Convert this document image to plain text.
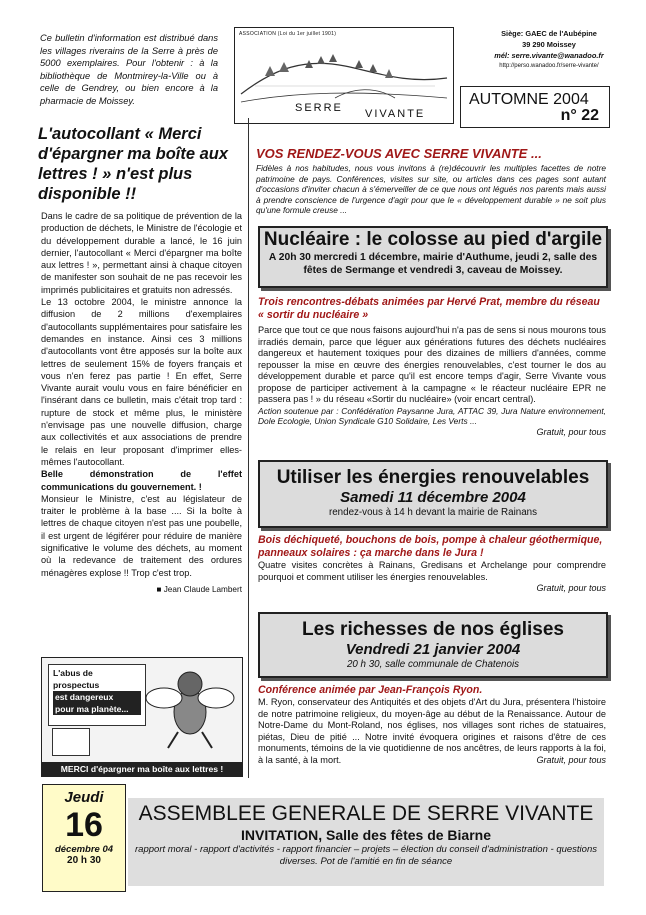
Ce bulletin d'information est distribué dans les villages riverains de la Serre à près de 5000 exemplaires. Pour l'obtenir : à la bibliothèque de Montmirey-la-Ville ou à celle de Gendrey, ou bien encore à la pharmacie de Moissey.
ASSOCIATION (Loi du 1er juillet 1901)
SERRE VIVANTE
Siège: GAEC de l'Aubépine
39 290 Moissey
mél: serre.vivante@wanadoo.fr
http://perso.wanadoo.fr/serre-vivante/
AUTOMNE 2004
n° 22

L'autocollant « Merci d'épargner ma boîte aux lettres ! » n'est plus disponible !!

Dans le cadre de sa politique de prévention de la production de déchets, le Ministre de l'écologie et du développement durable a lancé, le 16 juin dernier, l'autocollant « Merci d'épargner ma boîte aux lettres ! », permettant ainsi à chaque citoyen de manifester son souhait de ne pas recevoir les imprimés publicitaires et gratuits non adressés.

Le 13 octobre 2004, le ministre annonce la diffusion de 2 millions d'exemplaires d'autocollants supplémentaires pour satisfaire les demandes en instance. Ainsi ces 3 millions d'autocollants vont être apposés sur la boîte aux lettres de seulement 15% de foyers français et vous n'en ferez pas partie ! En effet, Serre Vivante aurait voulu vous en faire bénéficier en l'insérant dans ce bulletin, mais c'était trop tard : rupture de stock et même plus, le ministère n'envisage pas une nouvelle diffusion, charge aux collectivités et aux associations de prendre le relais en leur proposant d'imprimer elles-mêmes l'autocollant.

Belle démonstration de l'effet communications du gouvernement. !

Monsieur le Ministre, c'est au législateur de traiter le problème à la base .... Si la boîte à lettres de chaque citoyen n'est pas une poubelle, il est urgent de légiférer pour réduire de manière significative le volume des déchets, au moment où la redevance de traitement des ordures ménagères explose !! Trop c'est trop.

■ Jean Claude Lambert
L'abus de prospectus
est dangereux
pour ma planète...
MERCI d'épargner ma boîte aux lettres !
VOS RENDEZ-VOUS AVEC SERRE VIVANTE ...
Fidèles à nos habitudes, nous vous invitons à (re)découvrir les multiples facettes de notre patrimoine de pays. Conférences, visites sur site, ou articles dans ces pages sont autant d'occasions d'inviter chacun à s'émerveiller de ce que nous ont légués nos parents mais aussi à prendre conscience de l'urgence d'agir pour que le « développement durable » ne soit plus qu'une formule creuse ...
Nucléaire : le colosse au pied d'argile
A 20h 30 mercredi 1 décembre, mairie d'Authume, jeudi 2, salle des fêtes de Sermange et vendredi 3, caveau de Moissey.
Trois rencontres-débats animées par Hervé Prat, membre du réseau « sortir du nucléaire »
Parce que tout ce que nous faisons aujourd'hui n'a pas de sens si nous mourons tous irradiés demain, parce que léguer aux générations futures des déchets nucléaires dangereux et hautement toxiques pour des dizaines de milliers d'années, comme repousser la mise en œuvre des énergies renouvelables, c'est tourner le dos au développement durable et parce qu'il est encore temps d'agir, Serre Vivante vous propose de participer activement à la campagne « le réacteur nucléaire EPR ne passera pas ! » du réseau «Sortir du nucléaire» (voir encart central).
Action soutenue par : Confédération Paysanne Jura, ATTAC 39, Jura Nature environnement, Dole Ecologie, Union Syndicale G10 Solidaire, Les Verts ...
Gratuit, pour tous
Utiliser les énergies renouvelables
Samedi 11 décembre 2004
rendez-vous à 14 h devant la mairie de Rainans
Bois déchiqueté, bouchons de bois, pompe à chaleur géothermique, panneaux solaires : ça marche dans le Jura !
Quatre visites concrètes à Rainans, Gredisans et Archelange pour comprendre pourquoi et comment utiliser les énergies renouvelables.
Gratuit, pour tous
Les richesses de nos églises
Vendredi 21 janvier 2004
20 h 30, salle communale de Chatenois
Conférence animée par Jean-François Ryon.
M. Ryon, conservateur des Antiquités et des objets d'Art du Jura, présentera l'histoire de notre patrimoine religieux, du moyen-âge au début de la Renaissance. Autour de Notre-Dame du Mont-Roland, nos églises, nos villages sont riches de statuaires, piétas, Dieu de pitié ... Notre invité évoquera origines et raisons d'être de ces monuments, témoins de la vie quotidienne de nos ancêtres, de leurs rapports à la foi, à la santé, à la mort.	Gratuit, pour tous
Jeudi
16
décembre 04
20 h 30
ASSEMBLEE GENERALE DE SERRE VIVANTE
INVITATION, Salle des fêtes de Biarne
rapport moral - rapport d'activités - rapport financier – projets – élection du conseil d'administration - questions diverses. Pot de l'amitié en fin de séance
